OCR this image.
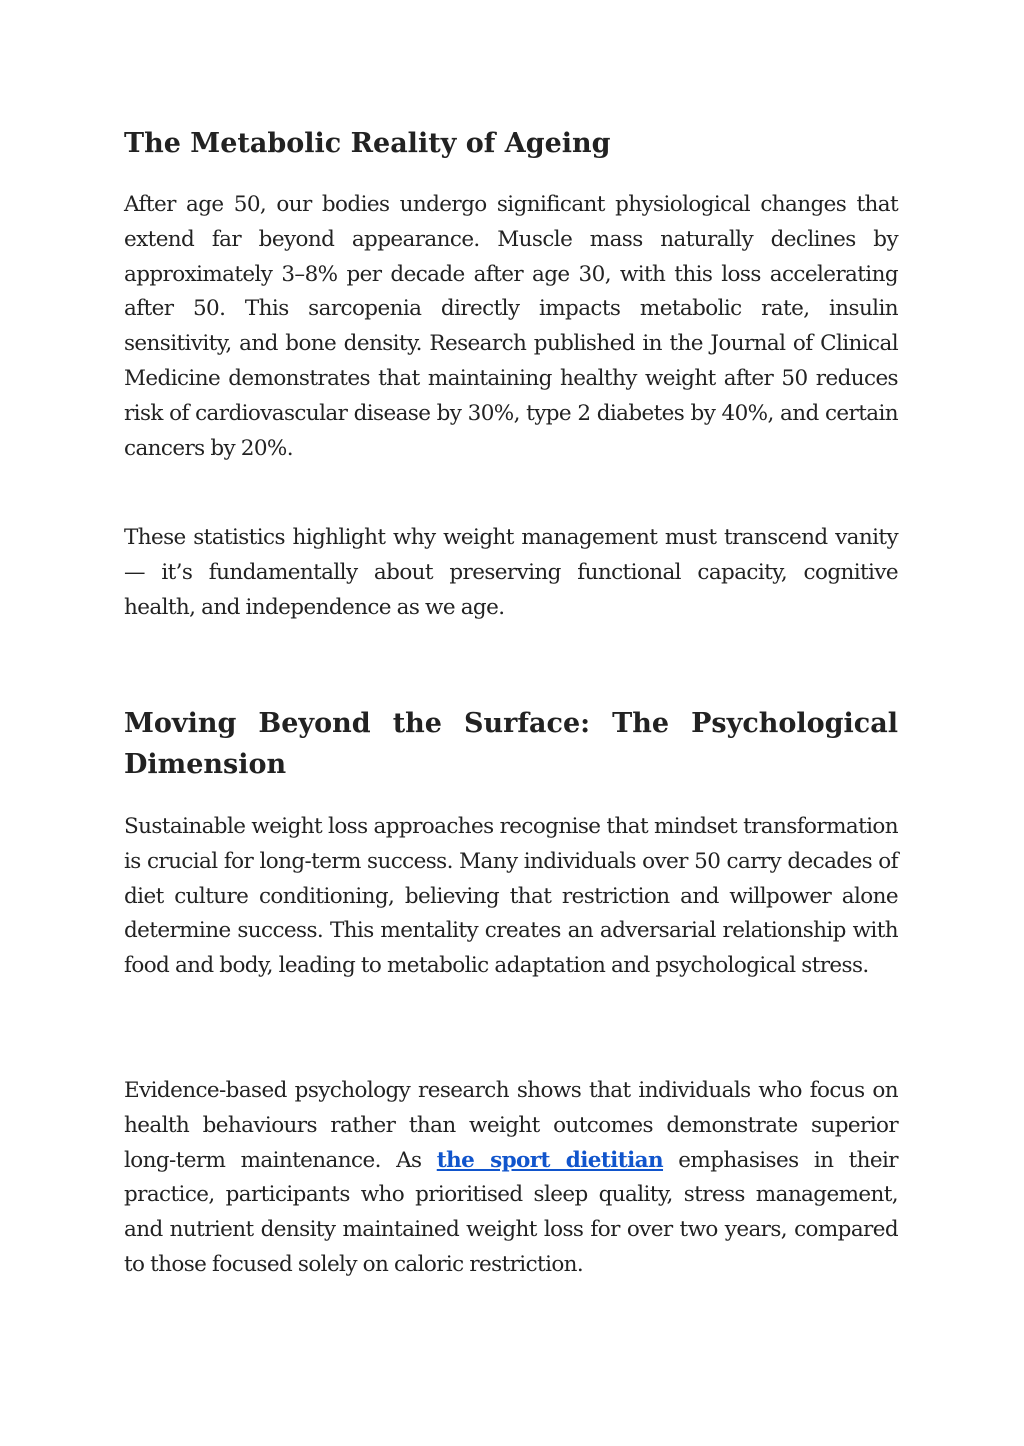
The Metabolic Reality of Ageing

After age 50, our bodies undergo significant physiological changes that extend far beyond appearance. Muscle mass naturally declines by approximately 3–8% per decade after age 30, with this loss accelerating after 50. This sarcopenia directly impacts metabolic rate, insulin sensitivity, and bone density. Research published in the Journal of Clinical Medicine demonstrates that maintaining healthy weight after 50 reduces risk of cardiovascular disease by 30%, type 2 diabetes by 40%, and certain cancers by 20%.

These statistics highlight why weight management must transcend vanity — it’s fundamentally about preserving functional capacity, cognitive health, and independence as we age.

Moving Beyond the Surface: The Psychological Dimension

Sustainable weight loss approaches recognise that mindset transformation is crucial for long-term success. Many individuals over 50 carry decades of diet culture conditioning, believing that restriction and willpower alone determine success. This mentality creates an adversarial relationship with food and body, leading to metabolic adaptation and psychological stress.

Evidence-based psychology research shows that individuals who focus on health behaviours rather than weight outcomes demonstrate superior long-term maintenance. As the sport dietitian emphasises in their practice, participants who prioritised sleep quality, stress management, and nutrient density maintained weight loss for over two years, compared to those focused solely on caloric restriction.
